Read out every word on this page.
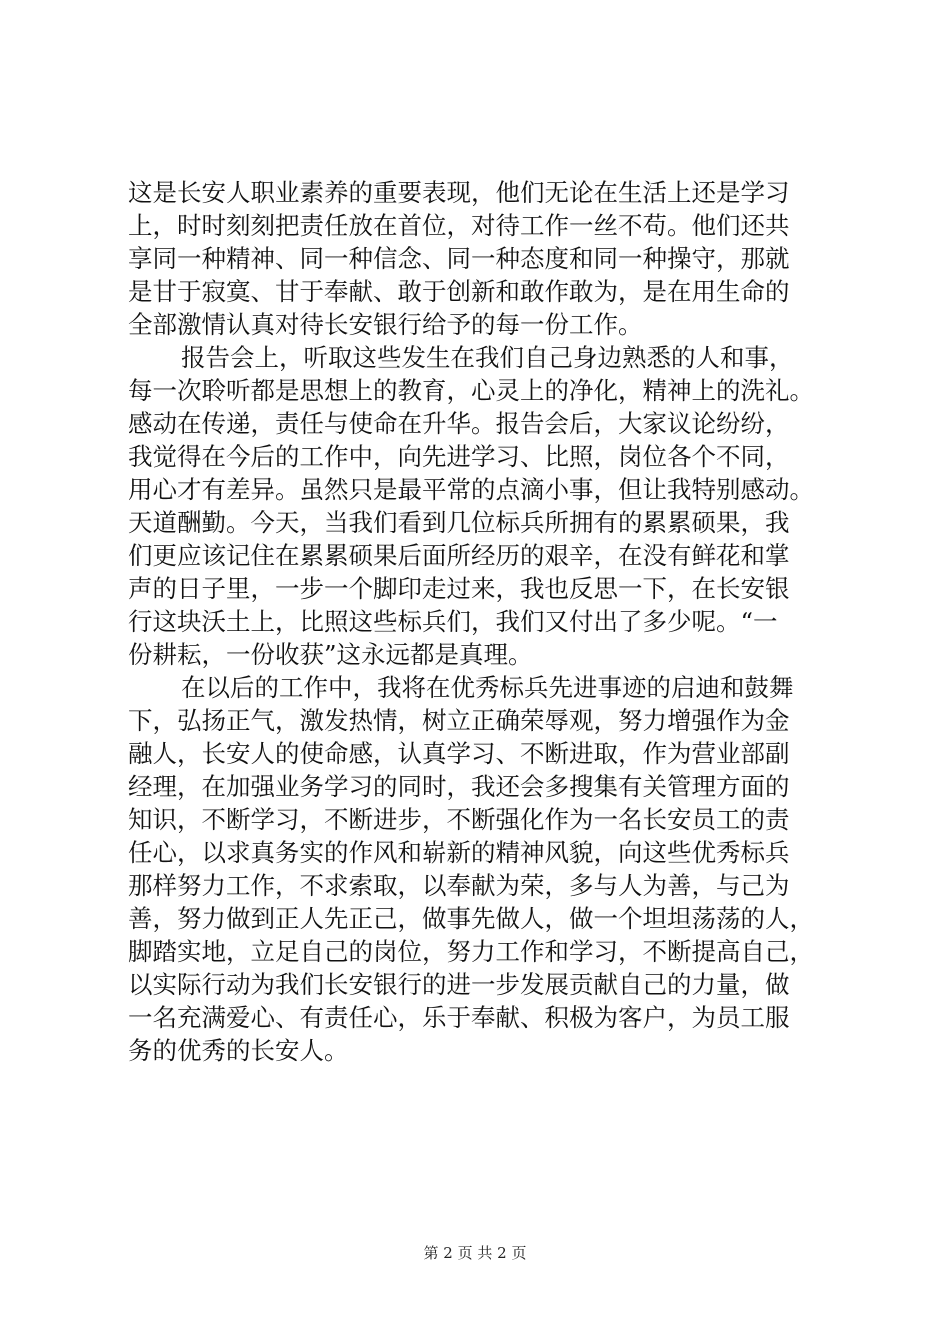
这是长安人职业素养的重要表现，他们无论在生活上还是学习
上，时时刻刻把责任放在首位，对待工作一丝不苟。他们还共
享同一种精神、同一种信念、同一种态度和同一种操守，那就
是甘于寂寞、甘于奉献、敢于创新和敢作敢为，是在用生命的
全部激情认真对待长安银行给予的每一份工作。
报告会上，听取这些发生在我们自己身边熟悉的人和事，
每一次聆听都是思想上的教育，心灵上的净化，精神上的洗礼。
感动在传递，责任与使命在升华。报告会后，大家议论纷纷，
我觉得在今后的工作中，向先进学习、比照，岗位各个不同，
用心才有差异。虽然只是最平常的点滴小事，但让我特别感动。
天道酬勤。今天，当我们看到几位标兵所拥有的累累硕果，我
们更应该记住在累累硕果后面所经历的艰辛，在没有鲜花和掌
声的日子里，一步一个脚印走过来，我也反思一下，在长安银
行这块沃土上，比照这些标兵们，我们又付出了多少呢。“一
份耕耘，一份收获”这永远都是真理。
在以后的工作中，我将在优秀标兵先进事迹的启迪和鼓舞
下，弘扬正气，激发热情，树立正确荣辱观，努力增强作为金
融人，长安人的使命感，认真学习、不断进取，作为营业部副
经理，在加强业务学习的同时，我还会多搜集有关管理方面的
知识，不断学习，不断进步，不断强化作为一名长安员工的责
任心，以求真务实的作风和崭新的精神风貌，向这些优秀标兵
那样努力工作，不求索取，以奉献为荣，多与人为善，与己为
善，努力做到正人先正己，做事先做人，做一个坦坦荡荡的人，
脚踏实地，立足自己的岗位，努力工作和学习，不断提高自己，
以实际行动为我们长安银行的进一步发展贡献自己的力量，做
一名充满爱心、有责任心，乐于奉献、积极为客户，为员工服
务的优秀的长安人。
第 2 页 共 2 页
